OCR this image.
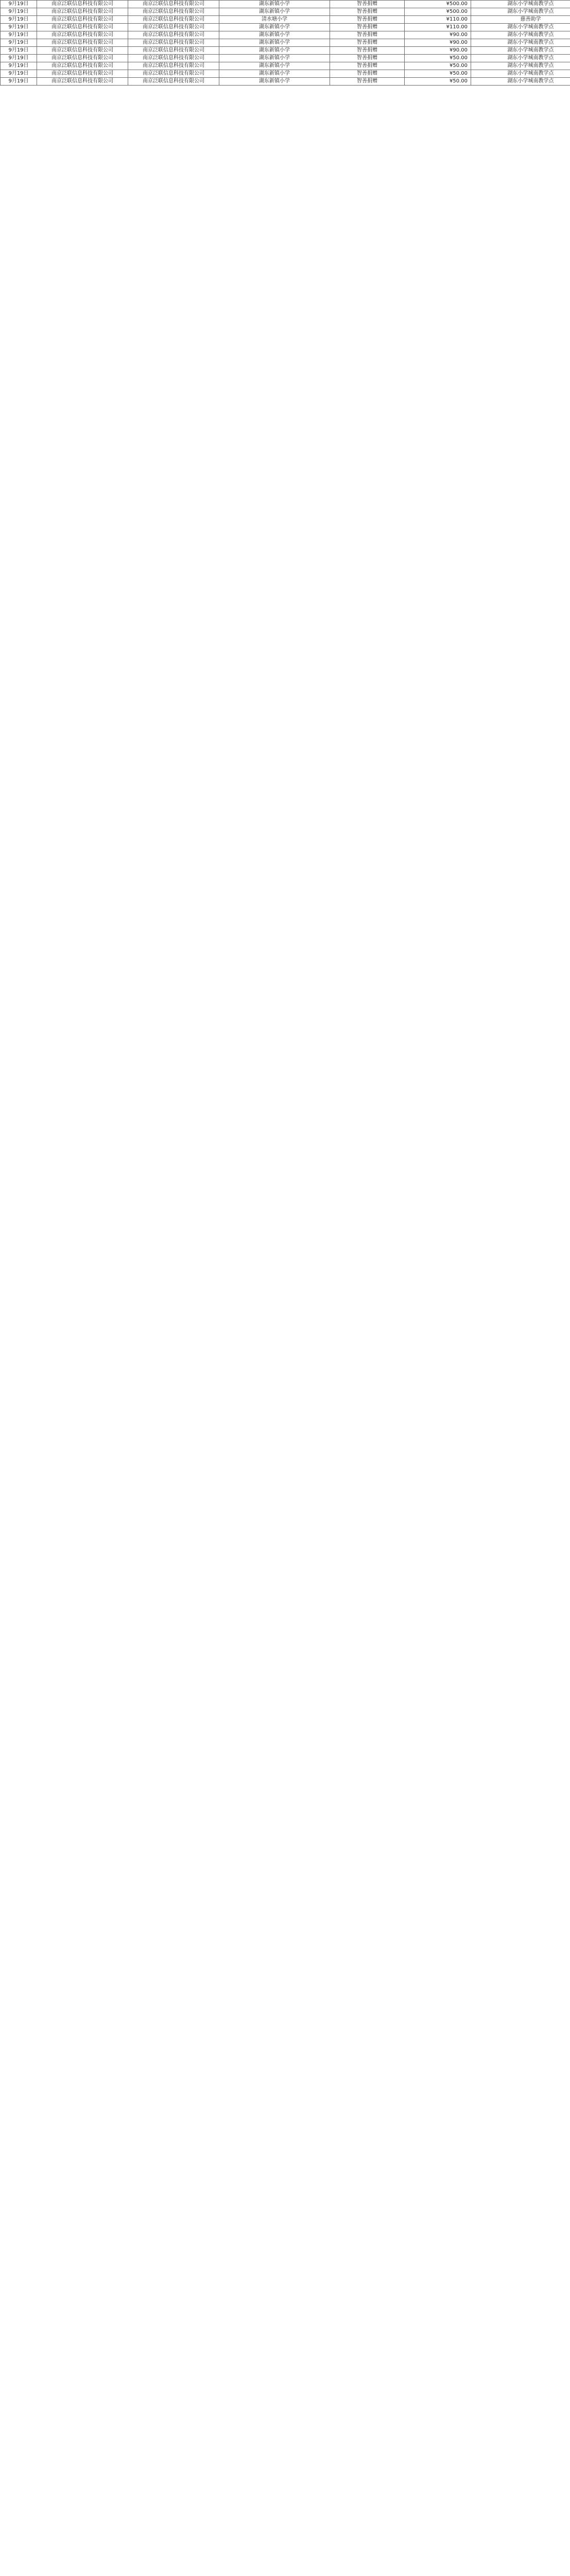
9月19日	南京泛联信息科技有限公司	南京泛联信息科技有限公司	湖东新镇小学	智善捐赠	¥500.00	湖东小学城南教学点
9月19日	南京泛联信息科技有限公司	南京泛联信息科技有限公司	湖东新镇小学	智善捐赠	¥500.00	湖东小学城南教学点
9月19日	南京泛联信息科技有限公司	南京泛联信息科技有限公司	清水塘小学	智善捐赠	¥110.00	慈善助学
9月19日	南京泛联信息科技有限公司	南京泛联信息科技有限公司	湖东新镇小学	智善捐赠	¥110.00	湖东小学城南教学点
9月19日	南京泛联信息科技有限公司	南京泛联信息科技有限公司	湖东新镇小学	智善捐赠	¥90.00	湖东小学城南教学点
9月19日	南京泛联信息科技有限公司	南京泛联信息科技有限公司	湖东新镇小学	智善捐赠	¥90.00	湖东小学城南教学点
9月19日	南京泛联信息科技有限公司	南京泛联信息科技有限公司	湖东新镇小学	智善捐赠	¥90.00	湖东小学城南教学点
9月19日	南京泛联信息科技有限公司	南京泛联信息科技有限公司	湖东新镇小学	智善捐赠	¥50.00	湖东小学城南教学点
9月19日	南京泛联信息科技有限公司	南京泛联信息科技有限公司	湖东新镇小学	智善捐赠	¥50.00	湖东小学城南教学点
9月19日	南京泛联信息科技有限公司	南京泛联信息科技有限公司	湖东新镇小学	智善捐赠	¥50.00	湖东小学城南教学点
9月19日	南京泛联信息科技有限公司	南京泛联信息科技有限公司	湖东新镇小学	智善捐赠	¥50.00	湖东小学城南教学点
